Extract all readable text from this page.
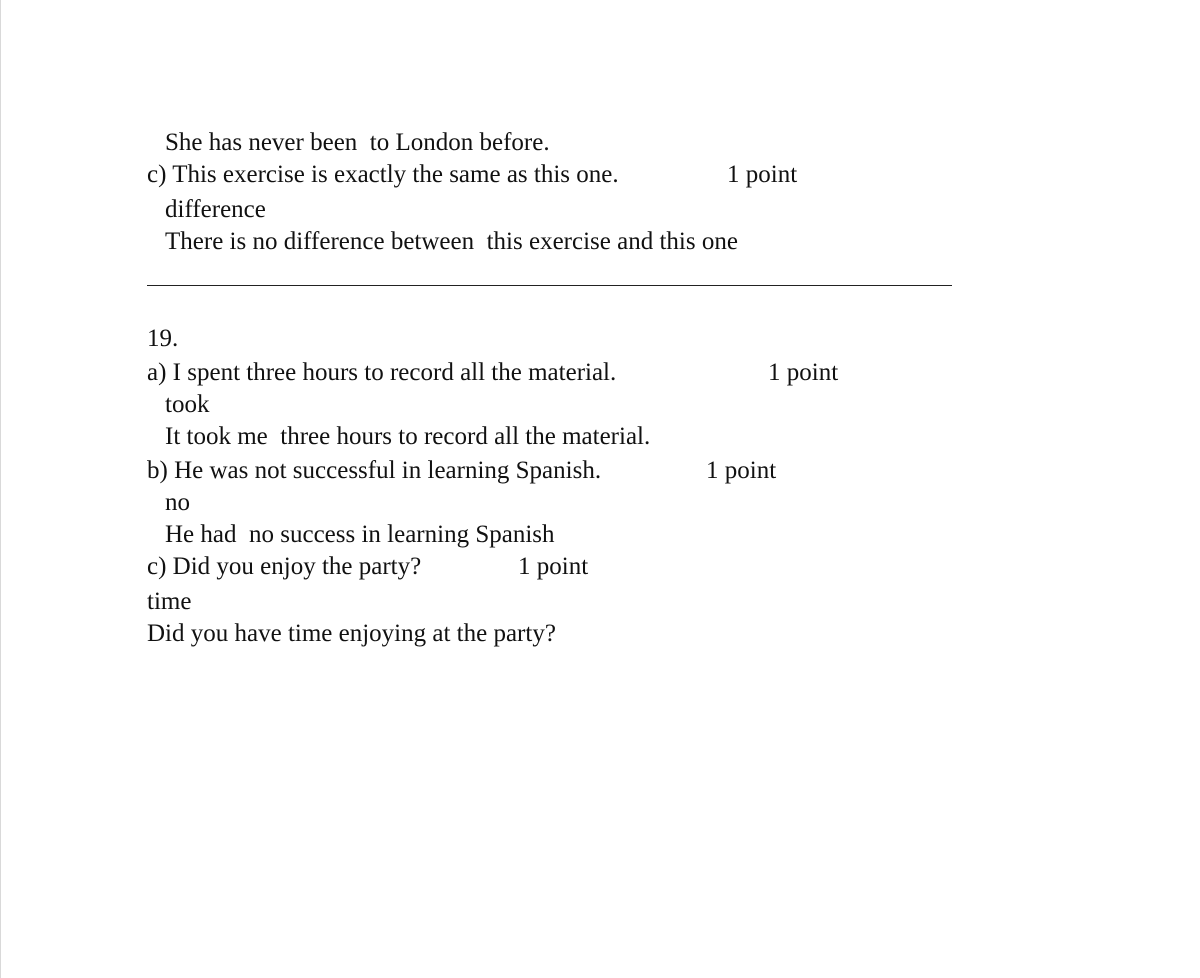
She has never been  to London before.
c) This exercise is exactly the same as this one.	1 point
difference
There is no difference between  this exercise and this one
19.
a) I spent three hours to record all the material.	1 point
took
It took me  three hours to record all the material.
b) He was not successful in learning Spanish.	1 point
no
He had  no success in learning Spanish
c) Did you enjoy the party?	1 point
time
Did you have time enjoying at the party?
